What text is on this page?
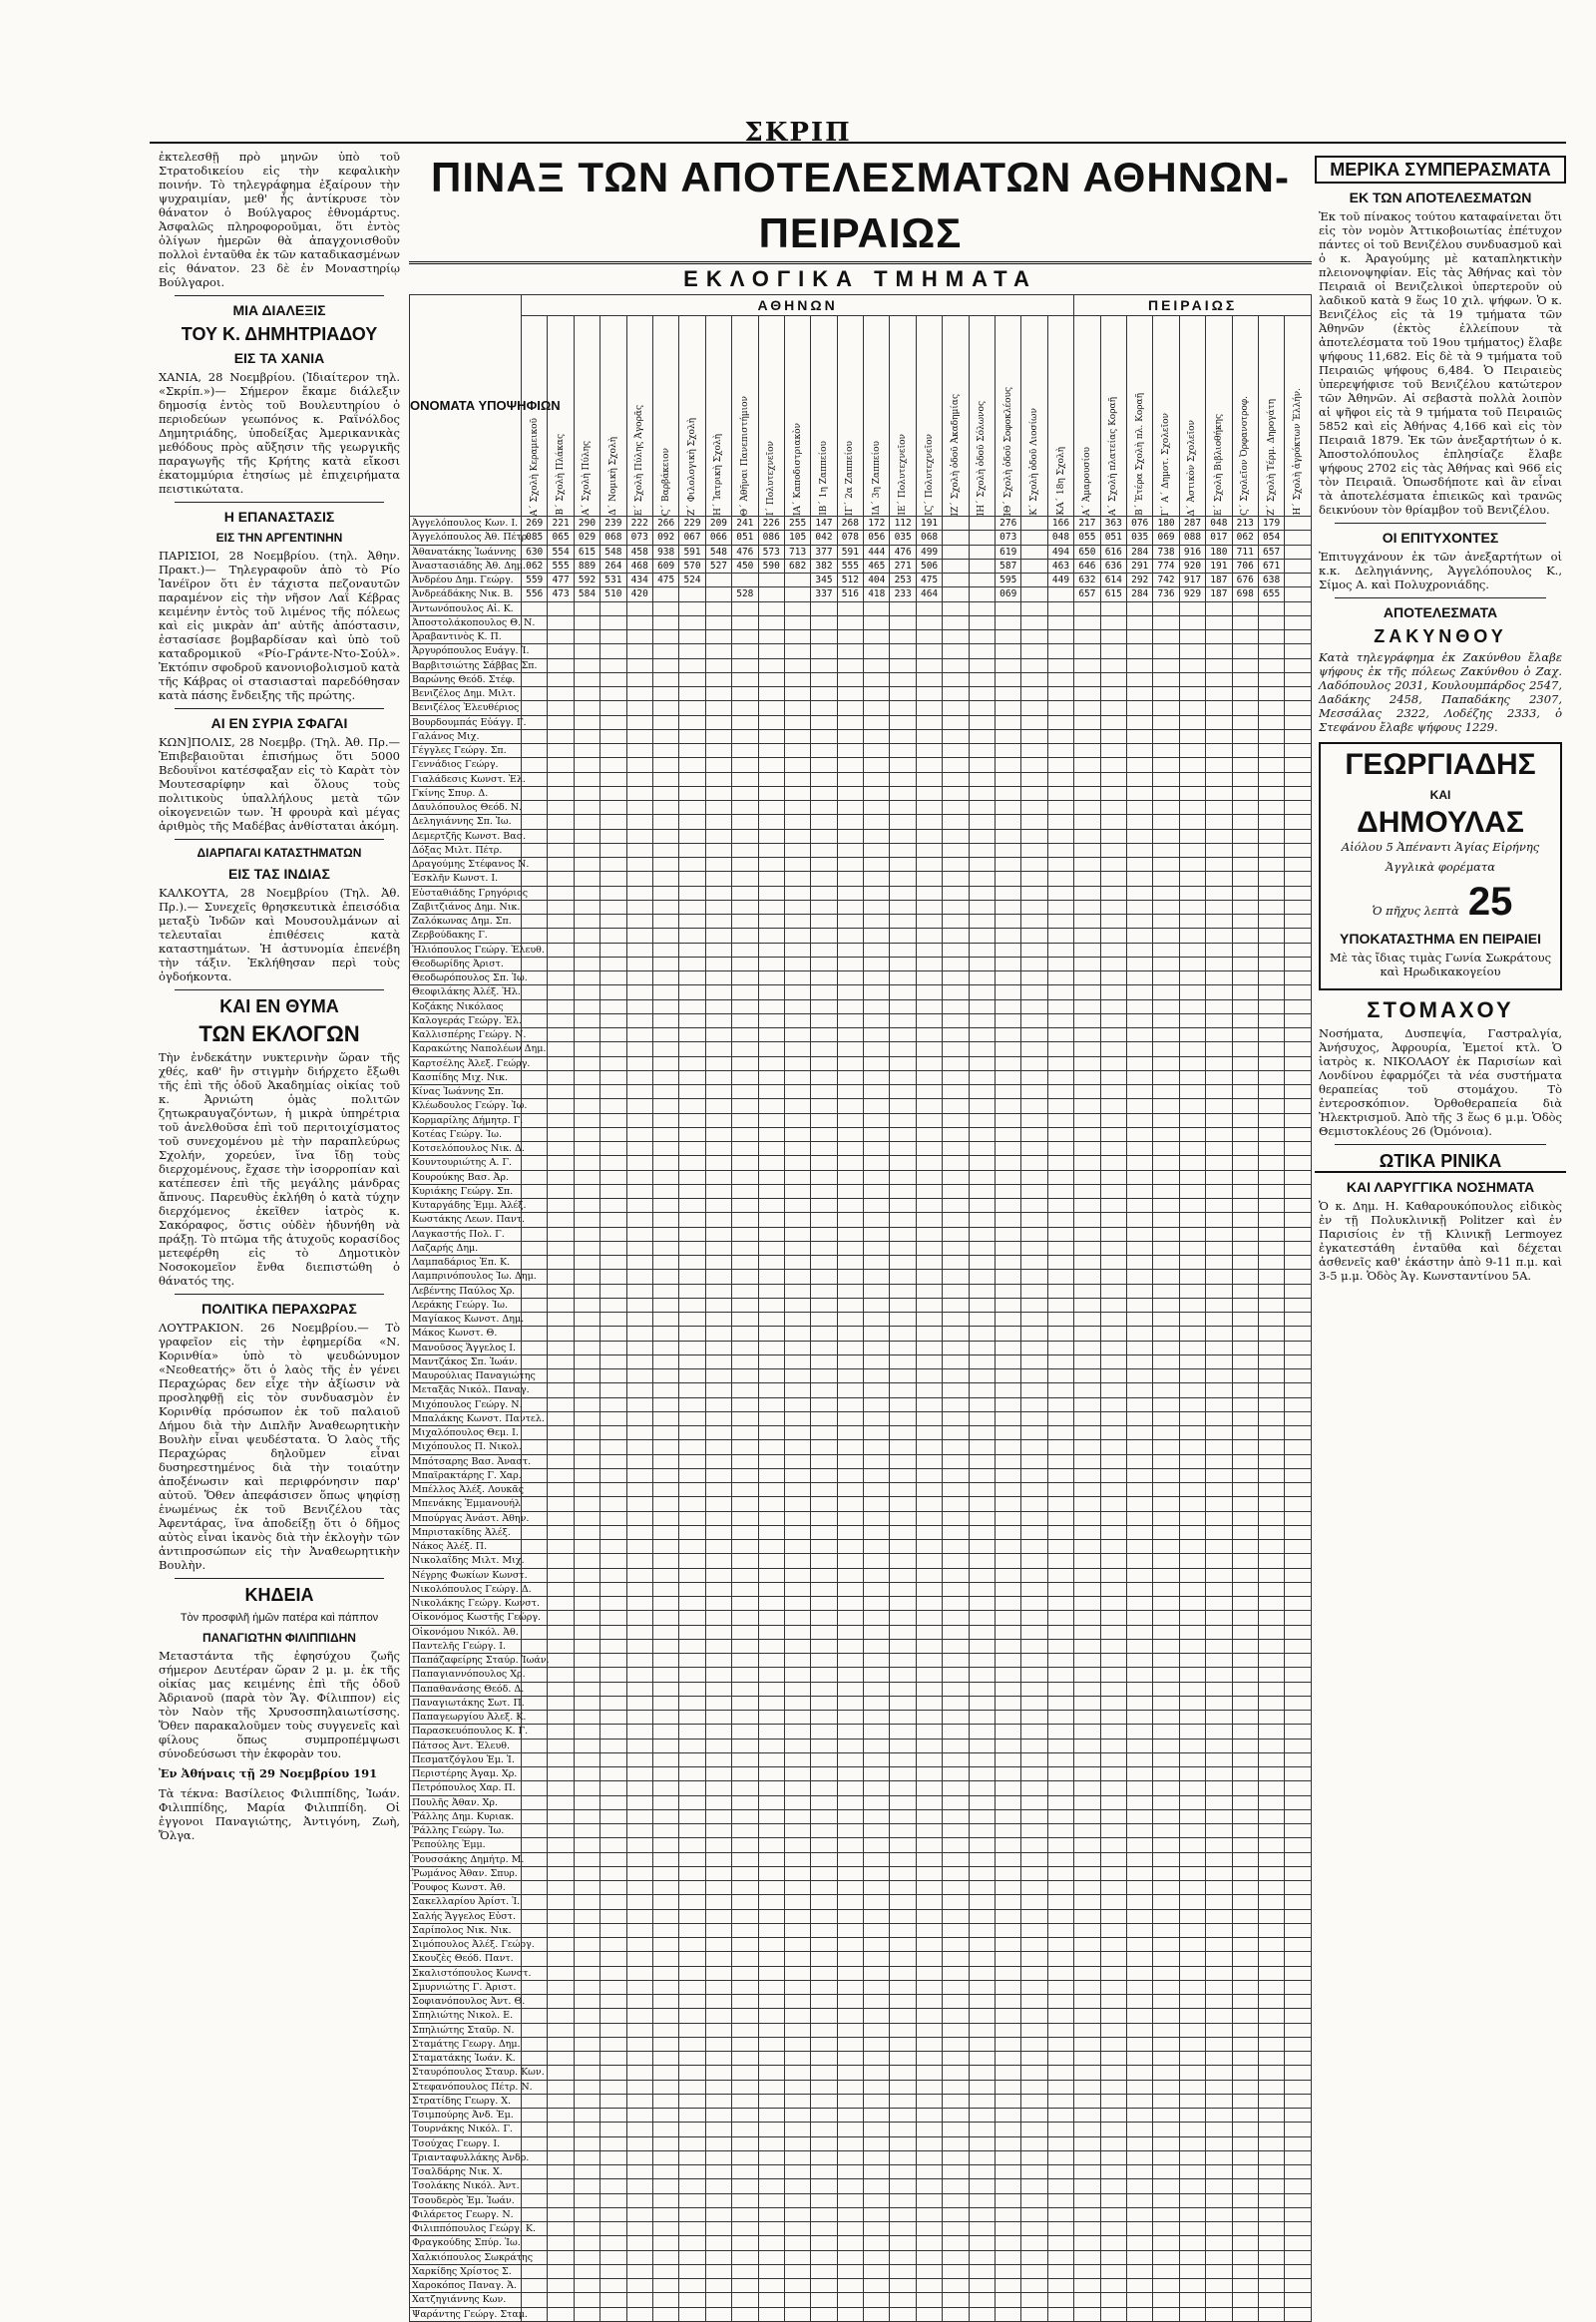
ΣΚΡΙΠ

ἐκτελεσθῇ πρὸ μηνῶν ὑπὸ τοῦ Στρατοδικείου εἰς τὴν κεφαλικὴν ποινήν. Τὸ τηλεγράφημα ἐξαίρουν τὴν ψυχραιμίαν, μεθ' ἧς ἀντίκρυσε τὸν θάνατον ὁ Βούλγαρος ἐθνομάρτυς. Ἀσφαλῶς πληροφοροῦμαι, ὅτι ἐντὸς ὀλίγων ἡμερῶν θὰ ἀπαγχονισθοῦν πολλοὶ ἐνταῦθα ἐκ τῶν καταδικασμένων εἰς θάνατον. 23 δὲ ἐν Μοναστηρίῳ Βούλγαροι.

ΜΙΑ ΔΙΑΛΕΞΙΣ
ΤΟΥ Κ. ΔΗΜΗΤΡΙΑΔΟΥ
ΕΙΣ ΤΑ ΧΑΝΙΑ

ΧΑΝΙΑ, 28 Νοεμβρίου. (Ἰδιαίτερον τηλ. «Σκρίπ.»)— Σήμερον ἔκαμε διάλεξιν δημοσίᾳ ἐντὸς τοῦ Βουλευτηρίου ὁ περιοδεύων γεωπόνος κ. Ραΐνόλδος Δημητριάδης, ὑποδείξας Ἀμερικανικὰς μεθόδους πρὸς αὔξησιν τῆς γεωργικῆς παραγωγῆς τῆς Κρήτης κατὰ εἴκοσι ἑκατομμύρια ἐτησίως μὲ ἐπιχειρήματα πειστικώτατα.

Η ΕΠΑΝΑΣΤΑΣΙΣ
ΕΙΣ ΤΗΝ ΑΡΓΕΝΤΙΝΗΝ

ΠΑΡΙΣΙΟΙ, 28 Νοεμβρίου. (τηλ. Ἀθην. Πρακτ.)— Τηλεγραφοῦν ἀπὸ τὸ Ρίο Ἰανέϊρον ὅτι ἐν τάχιστα πεζοναυτῶν παραμένον εἰς τὴν νῆσον Λαΐ Κέβρας κειμένην ἐντὸς τοῦ λιμένος τῆς πόλεως καὶ εἰς μικρὰν ἀπ' αὐτῆς ἀπόστασιν, ἐστασίασε βομβαρδίσαν καὶ ὑπὸ τοῦ καταδρομικοῦ «Ρίο-Γράντε-Ντο-Σούλ». Ἐκτόπιν σφοδροῦ κανονιοβολισμοῦ κατὰ τῆς Κάβρας οἱ στασιασταὶ παρεδόθησαν κατὰ πάσης ἔνδειξης τῆς πρώτης.

ΑΙ ΕΝ ΣΥΡΙΑ ΣΦΑΓΑΙ

ΚΩΝ]ΠΟΛΙΣ, 28 Νοεμβρ. (Τηλ. Ἀθ. Πρ.— Ἐπιβεβαιοῦται ἐπισήμως ὅτι 5000 Βεδουΐνοι κατέσφαξαν εἰς τὸ Καρὰτ τὸν Μουτεσαρίφην καὶ ὅλους τοὺς πολιτικοὺς ὑπαλλήλους μετὰ τῶν οἰκογενειῶν των. Ἡ φρουρὰ καὶ μέγας ἀριθμὸς τῆς Μαδέβας ἀνθίσταται ἀκόμη.

ΔΙΑΡΠΑΓΑΙ ΚΑΤΑΣΤΗΜΑΤΩΝ
ΕΙΣ ΤΑΣ ΙΝΔΙΑΣ

ΚΑΛΚΟΥΤΑ, 28 Νοεμβρίου (Τηλ. Ἀθ. Πρ.).— Συνεχεῖς θρησκευτικὰ ἐπεισόδια μεταξὺ Ἰνδῶν καὶ Μουσουλμάνων αἱ τελευταῖαι ἐπιθέσεις κατὰ καταστημάτων. Ἡ ἀστυνομία ἐπενέβη τὴν τάξιν. Ἐκλήθησαν περὶ τοὺς ὀγδοήκοντα.

ΚΑΙ ΕΝ ΘΥΜΑ
ΤΩΝ ΕΚΛΟΓΩΝ

Τὴν ἐνδεκάτην νυκτερινὴν ὥραν τῆς χθές, καθ' ἣν στιγμὴν διήρχετο ἔξωθι τῆς ἐπὶ τῆς ὁδοῦ Ἀκαδημίας οἰκίας τοῦ κ. Ἀρνιώτη ὁμὰς πολιτῶν ζητωκραυγαζόντων, ἡ μικρὰ ὑπηρέτρια τοῦ ἀνελθοῦσα ἐπὶ τοῦ περιτοιχίσματος τοῦ συνεχομένου μὲ τὴν παραπλεύρως Σχολήν, χορεύεν, ἵνα ἴδῃ τοὺς διερχομένους, ἔχασε τὴν ἰσορροπίαν καὶ κατέπεσεν ἐπὶ τῆς μεγάλης μάνδρας ἄπνους. Παρευθὺς ἐκλήθη ὁ κατὰ τύχην διερχόμενος ἐκεῖθεν ἰατρὸς κ. Σακόραφος, ὅστις οὐδὲν ἠδυνήθη νὰ πράξῃ. Τὸ πτῶμα τῆς ἀτυχοῦς κορασίδος μετεφέρθη εἰς τὸ Δημοτικὸν Νοσοκομεῖον ἔνθα διεπιστώθη ὁ θάνατός της.

ΠΟΛΙΤΙΚΑ ΠΕΡΑΧΩΡΑΣ

ΛΟΥΤΡΑΚΙΟΝ. 26 Νοεμβρίου.— Τὸ γραφεῖον εἰς τὴν ἐφημερίδα «Ν. Κορινθία» ὑπὸ τὸ ψευδώνυμον «Νεοθεατής» ὅτι ὁ λαὸς τῆς ἐν γένει Περαχώρας δεν εἶχε τὴν ἀξίωσιν νὰ προσληφθῇ εἰς τὸν συνδυασμὸν ἐν Κορινθίᾳ πρόσωπον ἐκ τοῦ παλαιοῦ Δήμου διὰ τὴν Διπλῆν Ἀναθεωρητικὴν Βουλὴν εἶναι ψευδέστατα. Ὁ λαὸς τῆς Περαχώρας δηλοῦμεν εἶναι δυσηρεστημένος διὰ τὴν τοιαύτην ἀποξένωσιν καὶ περιφρόνησιν παρ' αὐτοῦ. Ὅθεν ἀπεφάσισεν ὅπως ψηφίσῃ ἑνωμένως ἐκ τοῦ Βενιζέλου τὰς Ἀφεντάρας, ἵνα ἀποδείξῃ ὅτι ὁ δῆμος αὐτὸς εἶναι ἱκανὸς διὰ τὴν ἐκλογὴν τῶν ἀντιπροσώπων εἰς τὴν Ἀναθεωρητικὴν Βουλὴν.

ΚΗΔΕΙΑ
Τὸν προσφιλῆ ἡμῶν πατέρα καὶ πάππον
ΠΑΝΑΓΙΩΤΗΝ ΦΙΛΙΠΠΙΔΗΝ

Μεταστάντα τῆς ἐφησύχου ζωῆς σήμερον Δευτέραν ὥραν 2 μ. μ. ἐκ τῆς οἰκίας μας κειμένης ἐπὶ τῆς ὁδοῦ Ἀδριανοῦ (παρὰ τὸν Ἅγ. Φίλιππον) εἰς τὸν Ναὸν τῆς Χρυσοσπηλαιωτίσσης. Ὅθεν παρακαλοῦμεν τοὺς συγγενεῖς καὶ φίλους ὅπως συμπροπέμψωσι σύνοδεύσωσι τὴν ἐκφορὰν του.

Ἐν Ἀθήναις τῇ 29 Νοεμβρίου 191

Τὰ τέκνα: Βασίλειος Φιλιππίδης, Ἰωάν. Φιλιππίδης, Μαρία Φιλιππίδη. Οἱ ἐγγονοι Παναγιώτης, Ἀντιγόνη, Ζωὴ, Ὄλγα.

ΠΙΝΑΞ ΤΩΝ ΑΠΟΤΕΛΕΣΜΑΤΩΝ ΑΘΗΝΩΝ-ΠΕΙΡΑΙΩΣ
ΕΚΛΟΓΙΚΑ ΤΜΗΜΑΤΑ
ΟΝΟΜΑΤΑ ΥΠΟΨΗΦΙΩΝ	ΑΘΗΝΩΝ																					ΠΕΙΡΑΙΩΣ								

	Α΄ Σχολὴ Κεραμεικοῦ	Β΄ Σχολὴ Πλάκας	Α΄ Σχολὴ Πύλης	Δ΄ Νομικὴ Σχολὴ	Ε΄ Σχολὴ Πύλης Ἀγορᾶς	Ϛ΄ Βαρβάκειον	Ζ΄ Φιλολογικὴ Σχολὴ	Η΄ Ἰατρικὴ Σχολὴ	Θ΄ Ἀθῆναι Πανεπιστήμιον	Ι΄ Πολυτεχνεῖον	ΙΑ΄ Καποδιστριακὸν	ΙΒ΄ 1η Ζαππείου	ΙΓ΄ 2α Ζαππείου	ΙΔ΄ 3η Ζαππείου	ΙΕ΄ Πολυτεχνεῖον	ΙϚ΄ Πολυτεχνεῖον	ΙΖ΄ Σχολὴ ὁδοῦ Ἀκαδημίας	ΙΗ΄ Σχολὴ ὁδοῦ Σόλωνος	ΙΘ΄ Σχολὴ ὁδοῦ Σοφοκλέους	Κ΄ Σχολὴ ὁδοῦ Λιοσίων	ΚΑ΄ 18η Σχολὴ	Α΄ Ἀμαρουσίου	Α΄ Σχολὴ πλατείας Κοραῆ	Β΄ Ἑτέρα Σχολὴ πλ. Κοραῆ	Γ΄ Α΄ Δημοτ. Σχολεῖον	Δ΄ Ἀστικὸν Σχολεῖον	Ε΄ Σχολὴ Βιβλιοθήκης	Ϛ΄ Σχολεῖον Ὀρφανοτροφ.	Ζ΄ Σχολὴ Τέρμ. Δηρογάτη	Η΄ Σχολὴ ἀγρόκτων Ἑλλήν.

Ἀγγελόπουλος Κων. Ι.	269	221	290	239	222	266	229	209	241	226	255	147	268	172	112	191			276		166	217	363	076	180	287	048	213	179	
Ἀγγελόπουλος Ἀθ. Πέτρ.	085	065	029	068	073	092	067	066	051	086	105	042	078	056	035	068			073		048	055	051	035	069	088	017	062	054	
Ἀθανατάκης Ἰωάννης	630	554	615	548	458	938	591	548	476	573	713	377	591	444	476	499			619		494	650	616	284	738	916	180	711	657	
Ἀναστασιάδης Ἀθ. Δημ.	062	555	889	264	468	609	570	527	450	590	682	382	555	465	271	506			587		463	646	636	291	774	920	191	706	671	
Ἀνδρέου Δημ. Γεώργ.	559	477	592	531	434	475	524					345	512	404	253	475			595		449	632	614	292	742	917	187	676	638	
Ἀνδρεάδάκης Νικ. Β.	556	473	584	510	420				528			337	516	418	233	464			069			657	615	284	736	929	187	698	655	
Ἀντωνόπουλος Αἰ. Κ.																														
Ἀποστολάκοπουλος Θ. Ν.																														
Ἀραβαντινὸς Κ. Π.																														
Ἀργυρόπουλος Ευάγγ. Ἰ.																														
Βαρβιτσιώτης Σάββας Σπ.																														
Βαρώνης Θεόδ. Στέφ.																														
Βενιζέλος Δημ. Μιλτ.																														
Βενιζέλος Ἐλευθέριος																														
Βουρδουμπάς Εὐάγγ. Γ.																														
Γαλάνος Μιχ.																														
Γέγγλες Γεώργ. Σπ.																														
Γεννάδιος Γεώργ.																														
Γιαλάδεσις Κωνστ. Ἐλ.																														
Γκίνης Σπυρ. Δ.																														
Δαυλόπουλος Θεόδ. Ν.																														
Δεληγιάννης Σπ. Ἰω.																														
Δεμερτζῆς Κωνστ. Βασ.																														
Δόξας Μιλτ. Πέτρ.																														
Δραγούμης Στέφανος Ν.																														
Ἐσκλῆν Κωνστ. Ι.																														
Εὐσταθιάδης Γρηγόριος																														
Ζαβιτζιάνος Δημ. Νικ.																														
Ζαλόκωνας Δημ. Σπ.																														
Ζερβούδακης Γ.																														
Ἠλιόπουλος Γεώργ. Ἐλευθ.																														
Θεοδωρίδης Ἀριστ.																														
Θεοδωρόπουλος Σπ. Ἰω.																														
Θεοφιλάκης Ἀλέξ. Ἠλ.																														
Κοζάκης Νικόλαος																														
Καλογεράς Γεώργ. Ἐλ.																														
Καλλισπέρης Γεώργ. Ν.																														
Καρακώτης Ναπολέων Δημ.																														
Καρτσέλης Ἀλεξ. Γεώργ.																														
Κασπίδης Μιχ. Νικ.																														
Κίνας Ἰωάννης Σπ.																														
Κλέωδουλος Γεώργ. Ἰω.																														
Κορμαρίλης Δήμητρ. Γ.																														
Κοτέας Γεώργ. Ἰω.																														
Κοτσελόπουλος Νικ. Δ.																														
Κουντουριώτης Α. Γ.																														
Κουρούκης Βασ. Ἀρ.																														
Κυριάκης Γεώργ. Σπ.																														
Κυταργάδης Ἐμμ. Ἀλέξ.																														
Κωστάκης Λεων. Παντ.																														
Λαγκαστής Πολ. Γ.																														
Λαζαρής Δημ.																														
Λαμπαδάριος Ἐπ. Κ.																														
Λαμπρινόπουλος Ἰω. Δημ.																														
Λεβέντης Παύλος Χρ.																														
Λεράκης Γεώργ. Ἰω.																														
Μαγίακος Κωνστ. Δημ.																														
Μάκος Κωνστ. Θ.																														
Μανοῦσος Ἄγγελος Ι.																														
Μαντζάκος Σπ. Ἰωάν.																														
Μαυρούλιας Παναγιώτης																														
Μεταξᾶς Νικόλ. Παναγ.																														
Μιχόπουλος Γεώργ. Ν.																														
Μπαλάκης Κωνστ. Παντελ.																														
Μιχαλόπουλος Θεμ. Ι.																														
Μιχόπουλος Π. Νικολ.																														
Μπότσαρης Βασ. Ἀναστ.																														
Μπαϊρακτάρης Γ. Χαρ.																														
Μπέλλος Ἀλέξ. Λουκᾶς																														
Μπενάκης Ἐμμανουήλ																														
Μπούργας Ἀνάστ. Ἀθην.																														
Μπριστακίδης Ἀλέξ.																														
Νάκος Ἀλέξ. Π.																														
Νικολαΐδης Μιλτ. Μιχ.																														
Νέγρης Φωκίων Κωνστ.																														
Νικολόπουλος Γεώργ. Δ.																														
Νικολάκης Γεώργ. Κωνστ.																														
Οἰκονόμος Κωστῆς Γεώργ.																														
Οἰκονόμου Νικόλ. Ἀθ.																														
Παντελῆς Γεώργ. Ι.																														
Παπάζαφείρης Σταύρ. Ἰωάν.																														
Παπαγιαννόπουλος Χρ.																														
Παπαθανάσης Θεόδ. Δ.																														
Παναγιωτάκης Σωτ. Π.																														
Παπαγεωργίου Ἀλεξ. Κ.																														
Παρασκευόπουλος Κ. Γ.																														
Πάτσος Ἀντ. Ἐλευθ.																														
Πεσματζόγλου Ἐμ. Ἰ.																														
Περιστέρης Ἀγαμ. Χρ.																														
Πετρόπουλος Χαρ. Π.																														
Πουλῆς Ἀθαν. Χρ.																														
Ῥάλλης Δημ. Κυριακ.																														
Ῥάλλης Γεώργ. Ἰω.																														
Ῥεπούλης Ἐμμ.																														
Ῥουσσάκης Δημήτρ. Μ.																														
Ῥωμάνος Ἀθαν. Σπυρ.																														
Ῥουφος Κωνστ. Ἀθ.																														
Σακελλαρίου Ἀρίστ. Ἰ.																														
Σαλής Ἄγγελος Εὐστ.																														
Σαρίπολος Νικ. Νικ.																														
Σιμόπουλος Ἀλέξ. Γεώργ.																														
Σκουζὲς Θεόδ. Παντ.																														
Σκαλιστόπουλος Κωνστ.																														
Σμυρνιώτης Γ. Ἀριστ.																														
Σοφιανόπουλος Ἀντ. Θ.																														
Σπηλιώτης Νικολ. Ε.																														
Σπηλιώτης Σταῦρ. Ν.																														
Σταμάτης Γεωργ. Δημ.																														
Σταματάκης Ἰωάν. Κ.																														
Σταυρόπουλος Σταυρ. Κων.																														
Στεφανόπουλος Πέτρ. Ν.																														
Στρατίδης Γεωργ. Χ.																														
Τσιμπούρης Ἀνδ. Ἐμ.																														
Τουρνάκης Νικόλ. Γ.																														
Τσούχας Γεωργ. Ι.																														
Τριανταφυλλάκης Ἀνδρ.																														
Τσαλδάρης Νικ. Χ.																														
Τσολάκης Νικόλ. Ἀντ.																														
Τσουδερὸς Ἐμ. Ἰωάν.																														
Φιλάρετος Γεωργ. Ν.																														
Φιλιππόπουλος Γεώργ. Κ.																														
Φραγκούδης Σπύρ. Ἰω.																														
Χαλκιόπουλος Σωκράτης																														
Χαρκίδης Χρίστος Σ.																														
Χαροκόπος Παναγ. Ἀ.																														
Χατζηγιάννης Κων.																														
Ψαράντης Γεώργ. Σταμ.																														
ΜΕΡΙΚΑ ΣΥΜΠΕΡΑΣΜΑΤΑ
ΕΚ ΤΩΝ ΑΠΟΤΕΛΕΣΜΑΤΩΝ

Ἐκ τοῦ πίνακος τούτου καταφαίνεται ὅτι εἰς τὸν νομὸν Ἀττικοβοιωτίας ἐπέτυχον πάντες οἱ τοῦ Βενιζέλου συνδυασμοῦ καὶ ὁ κ. Ἀραγούμης μὲ καταπληκτικὴν πλειονοψηφίαν. Εἰς τὰς Ἀθήνας καὶ τὸν Πειραιᾶ οἱ Βενιζελικοὶ ὑπερτεροῦν οὐ λαδικοῦ κατὰ 9 ἕως 10 χιλ. ψήφων. Ὁ κ. Βενιζέλος εἰς τὰ 19 τμήματα τῶν Ἀθηνῶν (ἐκτὸς ἐλλείπουν τὰ ἀποτελέσματα τοῦ 19ου τμήματος) ἔλαβε ψήφους 11,682. Εἰς δὲ τὰ 9 τμήματα τοῦ Πειραιῶς ψήφους 6,484. Ὁ Πειραιεὺς ὑπερεψήφισε τοῦ Βενιζέλου κατώτερον τῶν Ἀθηνῶν. Αἱ σεβαστὰ πολλὰ λοιπὸν αἱ ψῆφοι εἰς τὰ 9 τμήματα τοῦ Πειραιῶς 5852 καὶ εἰς Ἀθήνας 4,166 καὶ εἰς τὸν Πειραιᾶ 1879. Ἐκ τῶν ἀνεξαρτήτων ὁ κ. Ἀποστολόπουλος ἐπλησίαζε ἔλαβε ψήφους 2702 εἰς τὰς Ἀθήνας καὶ 966 εἰς τὸν Πειραιᾶ. Ὁπωσδήποτε καὶ ἂν εἶναι τὰ ἀποτελέσματα ἐπιεικῶς καὶ τρανῶς δεικνύουν τὸν θρίαμβον τοῦ Βενιζέλου.

ΟΙ ΕΠΙΤΥΧΟΝΤΕΣ

Ἐπιτυγχάνουν ἐκ τῶν ἀνεξαρτήτων οἱ κ.κ. Δεληγιάννης, Ἀγγελόπουλος Κ., Σίμος Α. καὶ Πολυχρονιάδης.

ΑΠΟΤΕΛΕΣΜΑΤΑ
ΖΑΚΥΝΘΟΥ

Κατὰ τηλεγράφημα ἐκ Ζακύνθου ἔλαβε ψήφους ἐκ τῆς πόλεως Ζακύνθου ὁ Ζαχ. Λαδόπουλος 2031, Κουλουμπάρδος 2547, Δαδάκης 2458, Παπαδάκης 2307, Μεσσάλας 2322, Λοδέζης 2333, ὁ Στεφάνου ἔλαβε ψήφους 1229.

ΓΕΩΡΓΙΑΔΗΣ
ΚΑΙ
ΔΗΜΟΥΛΑΣ
Αἰόλου 5 Ἀπέναντι Ἁγίας Εἰρήνης
Ἀγγλικὰ φορέματα
Ὁ πῆχυς λεπτὰ 25
ΥΠΟΚΑΤΑΣΤΗΜΑ ΕΝ ΠΕΙΡΑΙΕΙ
Μὲ τὰς ἴδιας τιμὰς Γωνία Σωκράτους καὶ Ηρωδικακογείου
ΣΤΟΜΑΧΟΥ

Νοσήματα, Δυσπεψία, Γαστραλγία, Ἀνήσυχος, Ἀφρουρία, Ἐμετοί κτλ. Ὁ ἰατρὸς κ. ΝΙΚΟΛΑΟΥ ἐκ Παρισίων καὶ Λονδίνου ἐφαρμόζει τὰ νέα συστήματα θεραπείας τοῦ στομάχου. Τὸ ἐντεροσκόπιον. Ὀρθοθεραπεία διὰ Ἠλεκτρισμοῦ. Ἀπὸ τῆς 3 ἕως 6 μ.μ. Ὁδὸς Θεμιστοκλέους 26 (Ὀμόνοια).

ΩΤΙΚΑ ΡΙΝΙΚΑ
ΚΑΙ ΛΑΡΥΓΓΙΚΑ ΝΟΣΗΜΑΤΑ

Ὁ κ. Δημ. Η. Καθαρουκόπουλος εἰδικὸς ἐν τῇ Πολυκλινικῇ Politzer καὶ ἐν Παρισίοις ἐν τῇ Κλινικῇ Lermoyez ἐγκατεστάθη ἐνταῦθα καὶ δέχεται ἀσθενεῖς καθ' ἑκάστην ἀπὸ 9-11 π.μ. καὶ 3-5 μ.μ. Ὁδὸς Ἁγ. Κωνσταντίνου 5Α.
